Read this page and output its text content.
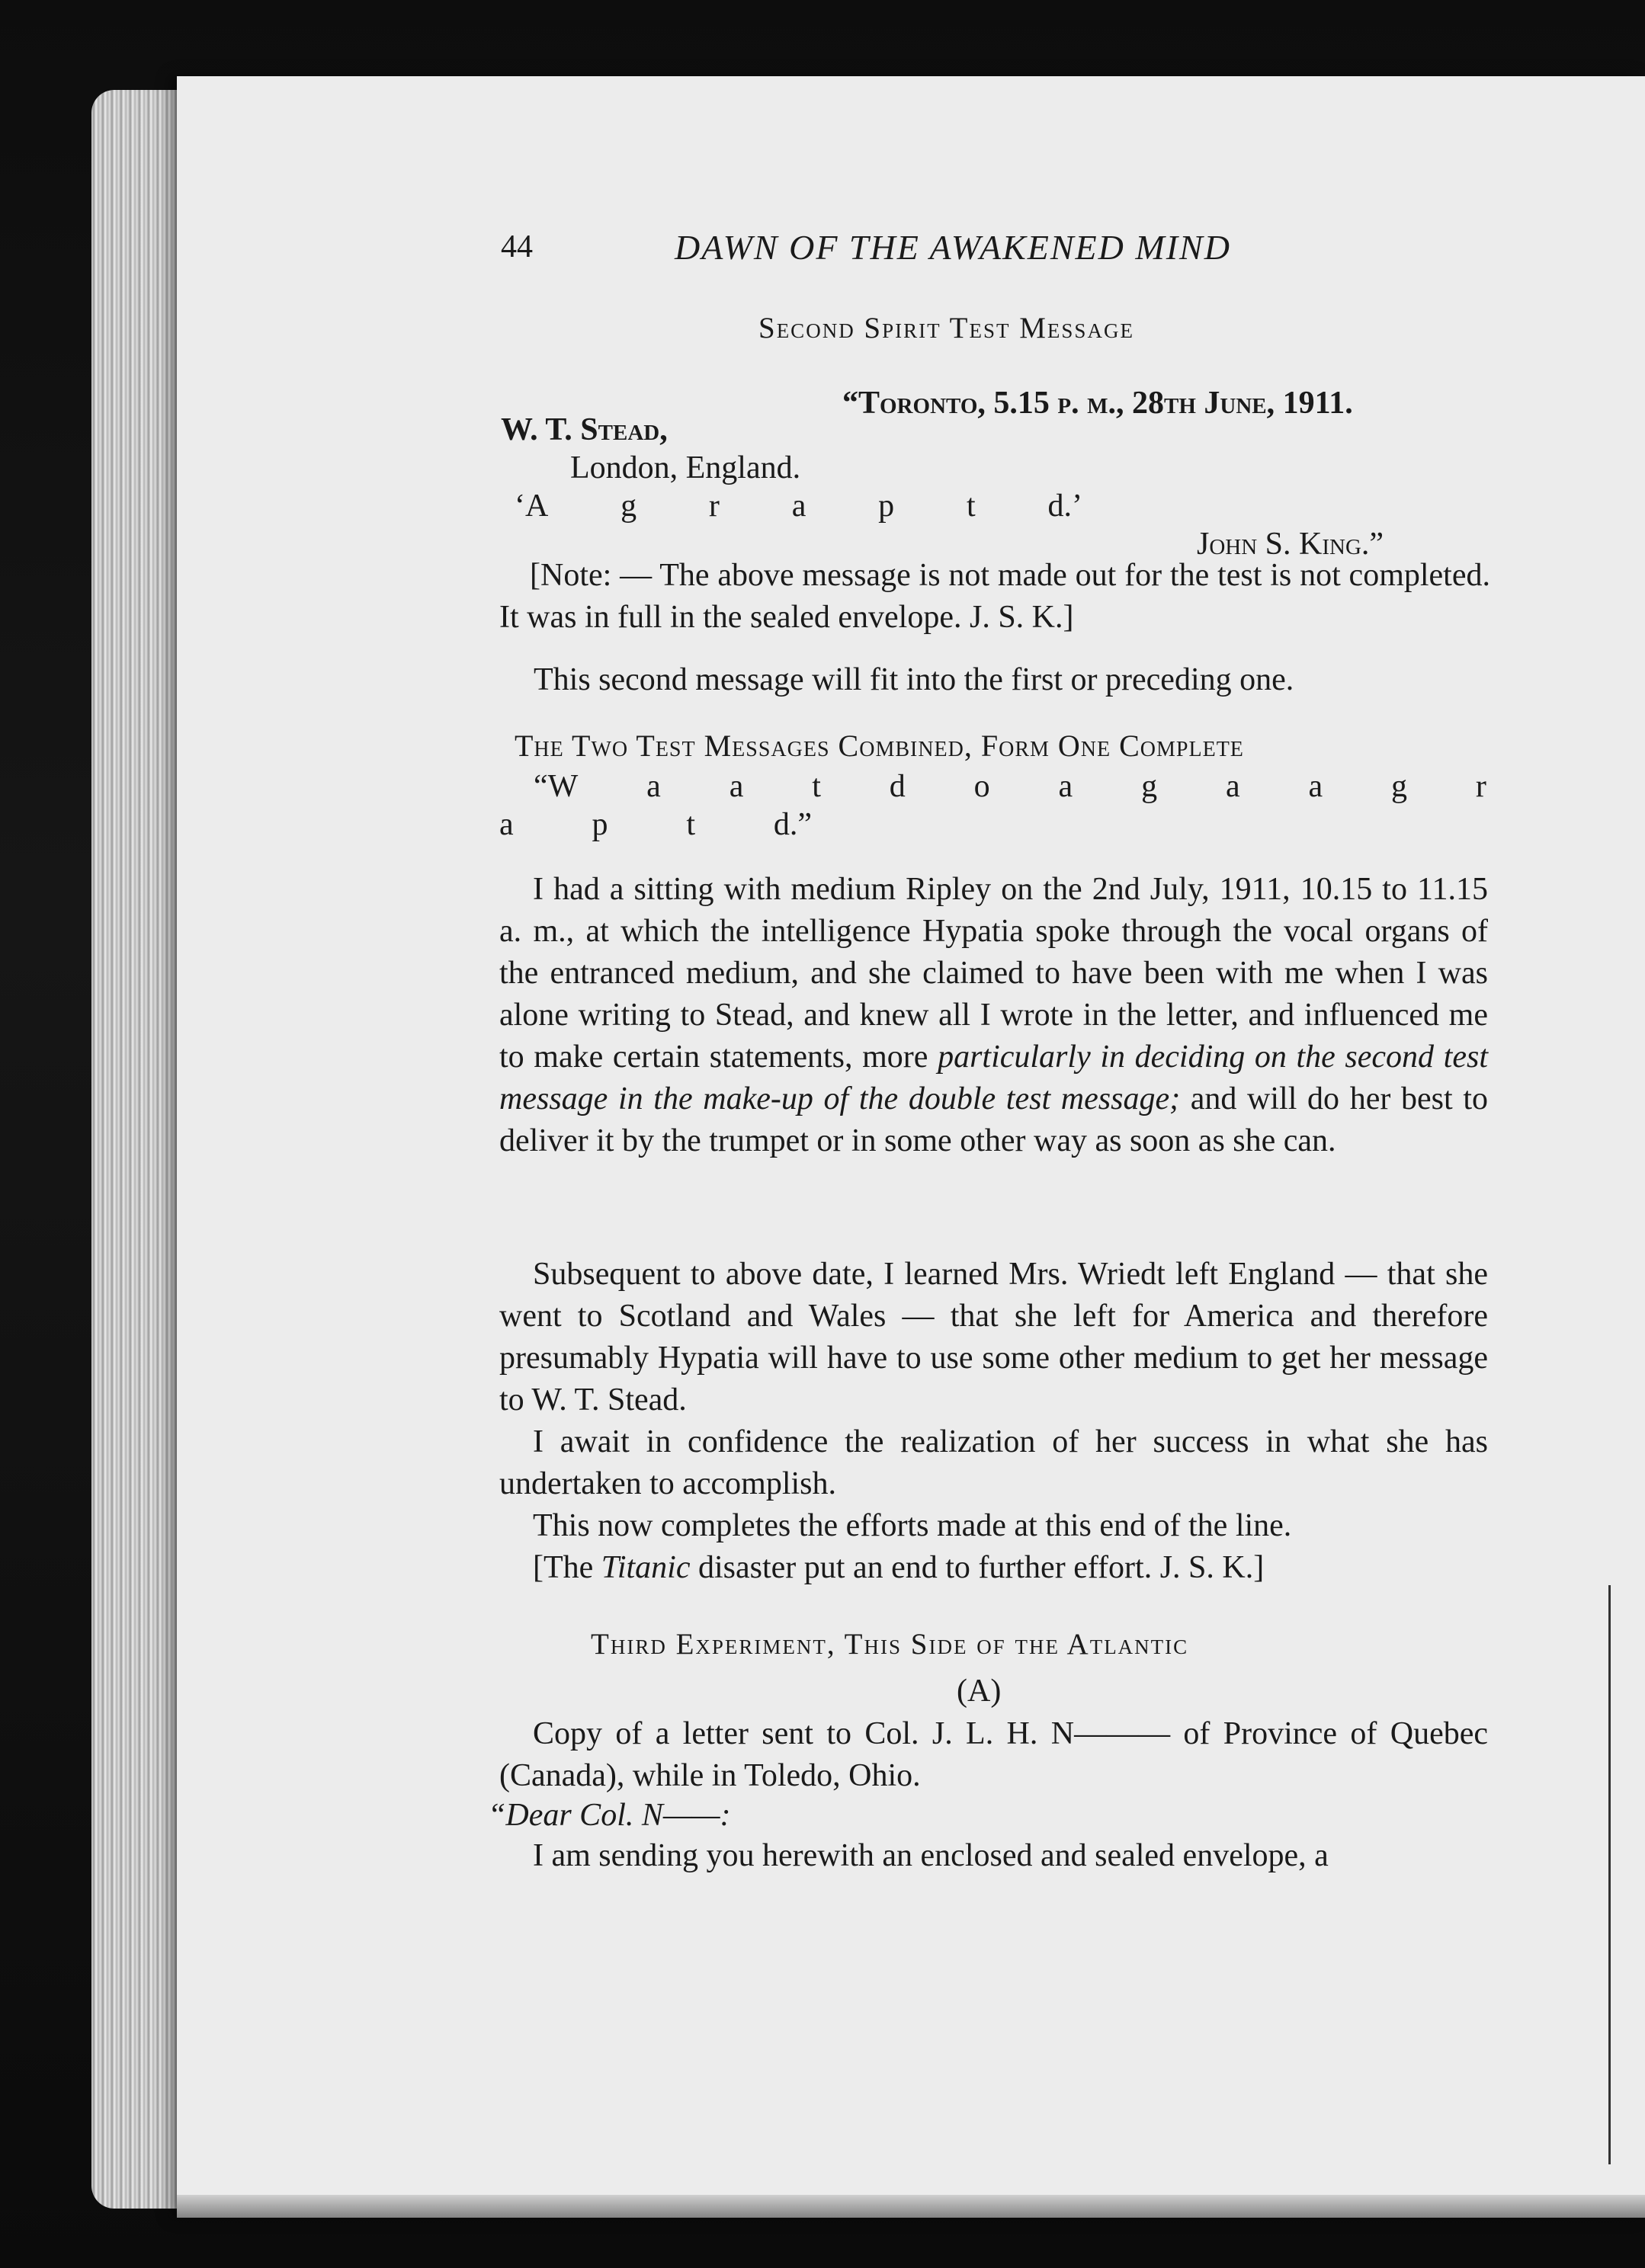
44	DAWN OF THE AWAKENED MIND
Second Spirit Test Message
“Toronto, 5.15 p. m., 28th June, 1911.
W. T. Stead,
London, England.
‘A g r a p t d.’
John S. King.”
[Note: — The above message is not made out for the test is not completed. It was in full in the sealed envelope. J. S. K.]
This second message will fit into the first or preceding one.
The Two Test Messages Combined, Form One Complete
“W a a t d o a g a a g r
a p t d.”

I had a sitting with medium Ripley on the 2nd July, 1911, 10.15 to 11.15 a. m., at which the intelligence Hypatia spoke through the vocal organs of the entranced medium, and she claimed to have been with me when I was alone writing to Stead, and knew all I wrote in the letter, and influenced me to make certain statements, more particularly in deciding on the second test message in the make-up of the double test message; and will do her best to deliver it by the trumpet or in some other way as soon as she can.

Subsequent to above date, I learned Mrs. Wriedt left England — that she went to Scotland and Wales — that she left for America and therefore presumably Hypatia will have to use some other medium to get her message to W. T. Stead.

I await in confidence the realization of her success in what she has undertaken to accomplish.

This now completes the efforts made at this end of the line.

[The Titanic disaster put an end to further effort. J. S. K.]

Third Experiment, This Side of the Atlantic
(A)

Copy of a letter sent to Col. J. L. H. N——— of Province of Quebec (Canada), while in Toledo, Ohio.

“Dear Col. N——:

I am sending you herewith an enclosed and sealed envelope, a
